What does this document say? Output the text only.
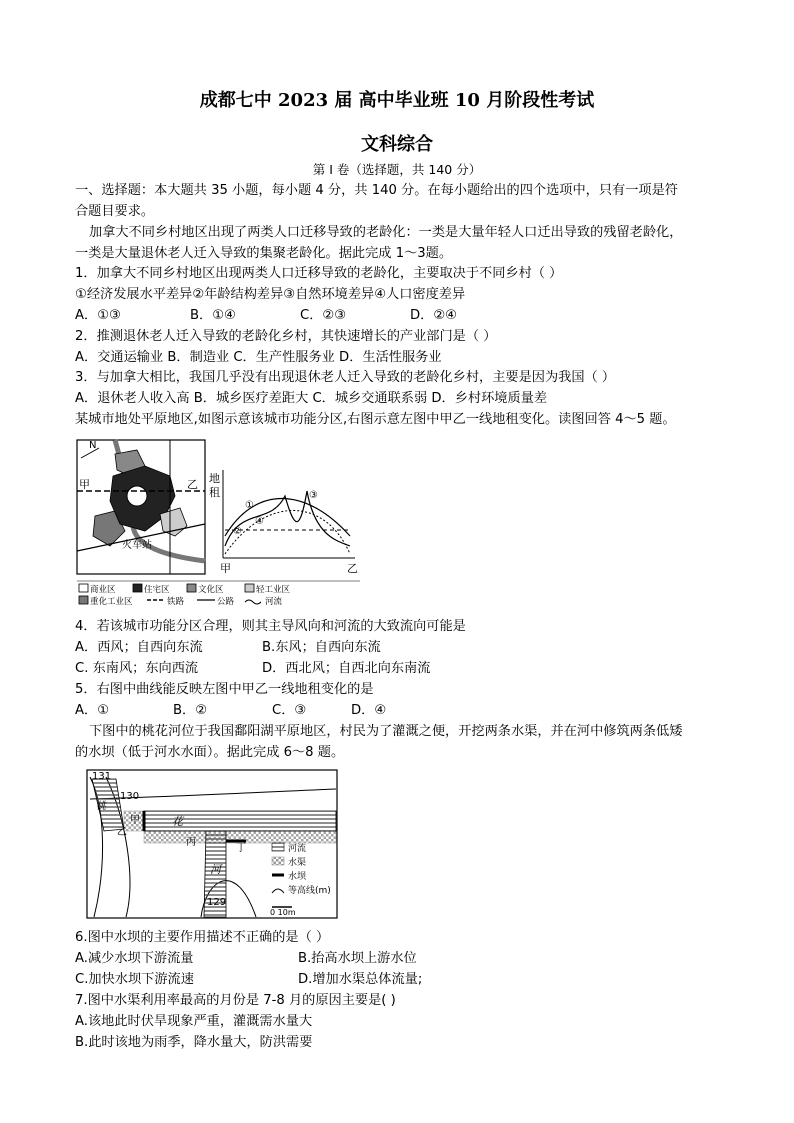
成都七中 2023 届 高中毕业班 10 月阶段性考试
文科综合
第 I 卷（选择题，共 140 分）
一、选择题：本大题共 35 小题，每小题 4 分，共 140 分。在每小题给出的四个选项中，只有一项是符
合题目要求。
加拿大不同乡村地区出现了两类人口迁移导致的老龄化：一类是大量年轻人口迁出导致的残留老龄化，
一类是大量退休老人迁入导致的集聚老龄化。据此完成 1～3题。
1．加拿大不同乡村地区出现两类人口迁移导致的老龄化，主要取决于不同乡村（ ）
①经济发展水平差异②年龄结构差异③自然环境差异④人口密度差异
A．①③	B．①④	C．②③	D．②④
2．推测退休老人迁入导致的老龄化乡村，其快速增长的产业部门是（ ）
A．交通运输业 B．制造业 C．生产性服务业 D．生活性服务业
3．与加拿大相比，我国几乎没有出现退休老人迁入导致的老龄化乡村，主要是因为我国（ ）
A．退休老人收入高 B．城乡医疗差距大 C．城乡交通联系弱 D．乡村环境质量差
某城市地处平原地区,如图示意该城市功能分区,右图示意左图中甲乙一线地租变化。读图回答 4～5 题。
N
甲	乙
火车站
地
租
甲	乙
①
②
③
④
商业区	住宅区	文化区	轻工业区
重化工业区	铁路	公路	河流
4．若该城市功能分区合理，则其主导风向和河流的大致流向可能是
A．西风；自西向东流	B.东风；自西向东流
C. 东南风；东向西流	D．西北风；自西北向东南流
5．右图中曲线能反映左图中甲乙一线地租变化的是
A．①	B．②	C．③	D．④
下图中的桃花河位于我国鄱阳湖平原地区，村民为了灌溉之便，开挖两条水渠，并在河中修筑两条低矮
的水坝（低于河水水面）。据此完成 6～8 题。
131
130
129
桃
花
河
甲
乙
丙
丁	河流
水渠
水坝
等高线(m)
0 10m
6.图中水坝的主要作用描述不正确的是（ ）
A.减少水坝下游流量	B.抬高水坝上游水位
C.加快水坝下游流速	D.增加水渠总体流量;
7.图中水渠利用率最高的月份是 7-8 月的原因主要是( )
A.该地此时伏旱现象严重，灌溉需水量大
B.此时该地为雨季，降水量大，防洪需要
